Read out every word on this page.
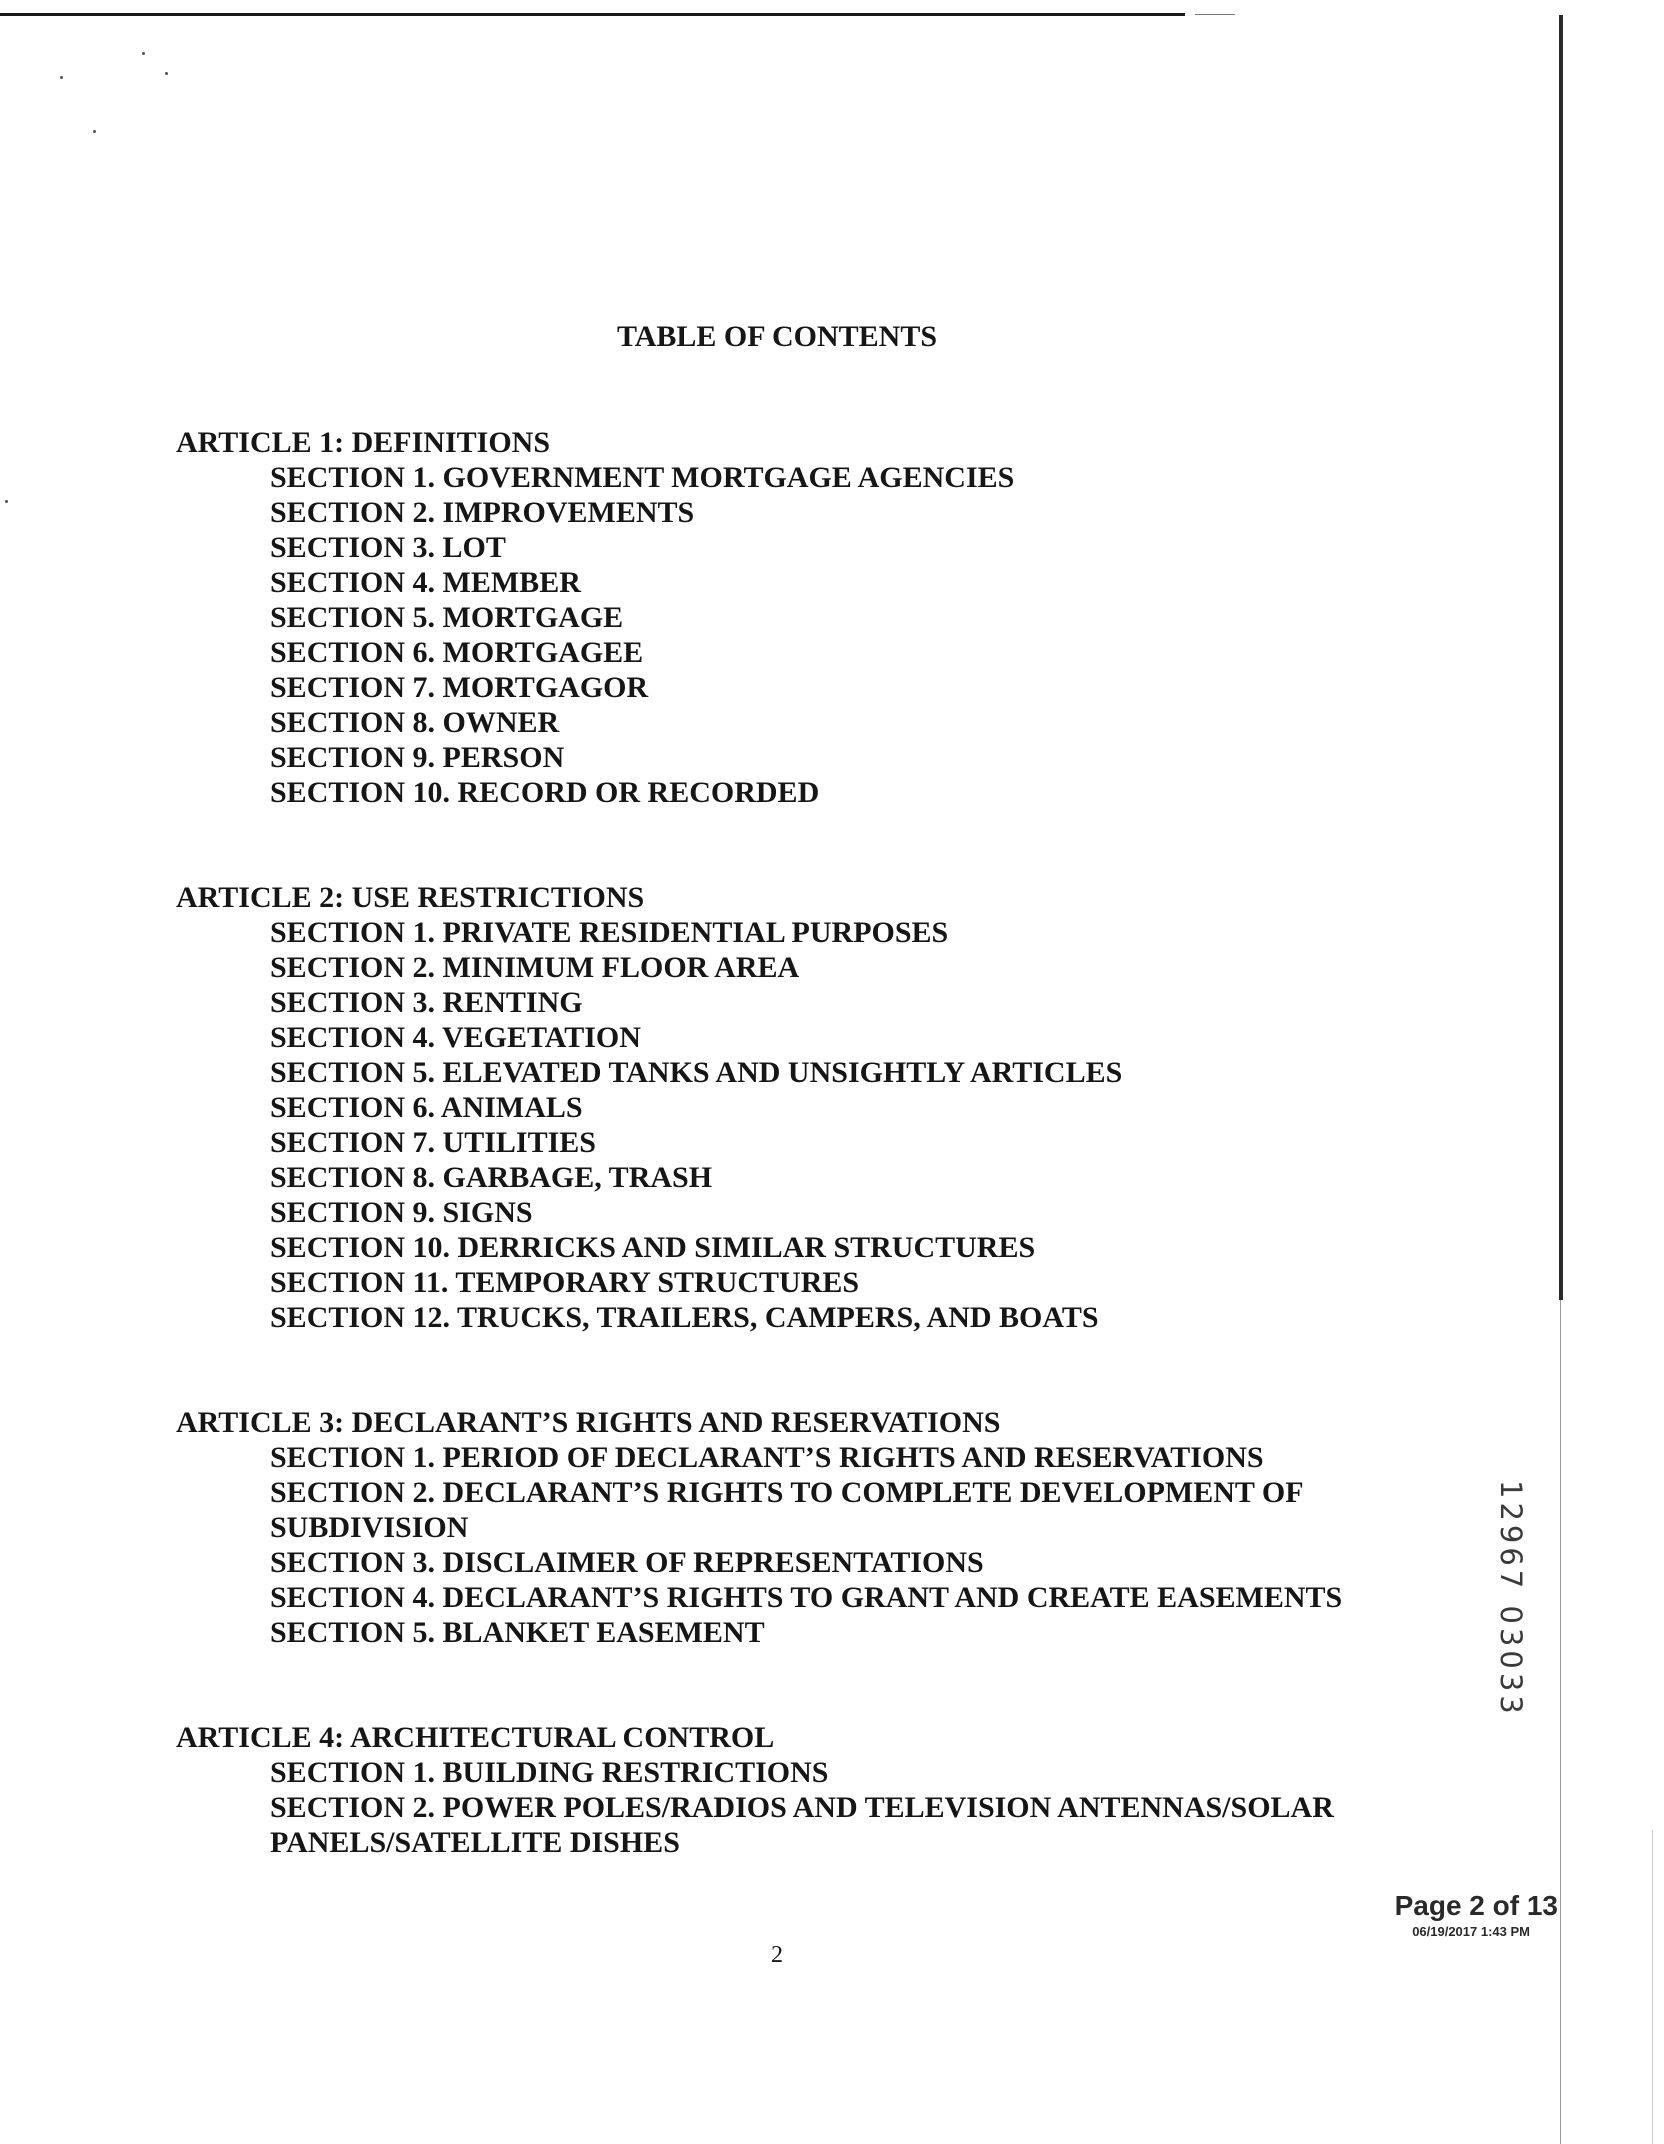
TABLE OF CONTENTS
ARTICLE 1: DEFINITIONS
SECTION 1. GOVERNMENT MORTGAGE AGENCIES
SECTION 2. IMPROVEMENTS
SECTION 3. LOT
SECTION 4. MEMBER
SECTION 5. MORTGAGE
SECTION 6. MORTGAGEE
SECTION 7. MORTGAGOR
SECTION 8. OWNER
SECTION 9. PERSON
SECTION 10. RECORD OR RECORDED
ARTICLE 2: USE RESTRICTIONS
SECTION 1. PRIVATE RESIDENTIAL PURPOSES
SECTION 2. MINIMUM FLOOR AREA
SECTION 3. RENTING
SECTION 4. VEGETATION
SECTION 5. ELEVATED TANKS AND UNSIGHTLY ARTICLES
SECTION 6. ANIMALS
SECTION 7. UTILITIES
SECTION 8. GARBAGE, TRASH
SECTION 9. SIGNS
SECTION 10. DERRICKS AND SIMILAR STRUCTURES
SECTION 11. TEMPORARY STRUCTURES
SECTION 12. TRUCKS, TRAILERS, CAMPERS, AND BOATS
ARTICLE 3: DECLARANT’S RIGHTS AND RESERVATIONS
SECTION 1. PERIOD OF DECLARANT’S RIGHTS AND RESERVATIONS
SECTION 2. DECLARANT’S RIGHTS TO COMPLETE DEVELOPMENT OF SUBDIVISION
SECTION 3. DISCLAIMER OF REPRESENTATIONS
SECTION 4. DECLARANT’S RIGHTS TO GRANT AND CREATE EASEMENTS
SECTION 5. BLANKET EASEMENT
ARTICLE 4: ARCHITECTURAL CONTROL
SECTION 1. BUILDING RESTRICTIONS
SECTION 2. POWER POLES/RADIOS AND TELEVISION ANTENNAS/SOLAR PANELS/SATELLITE DISHES
12967 03033
Page 2 of 13
06/19/2017 1:43 PM
2
